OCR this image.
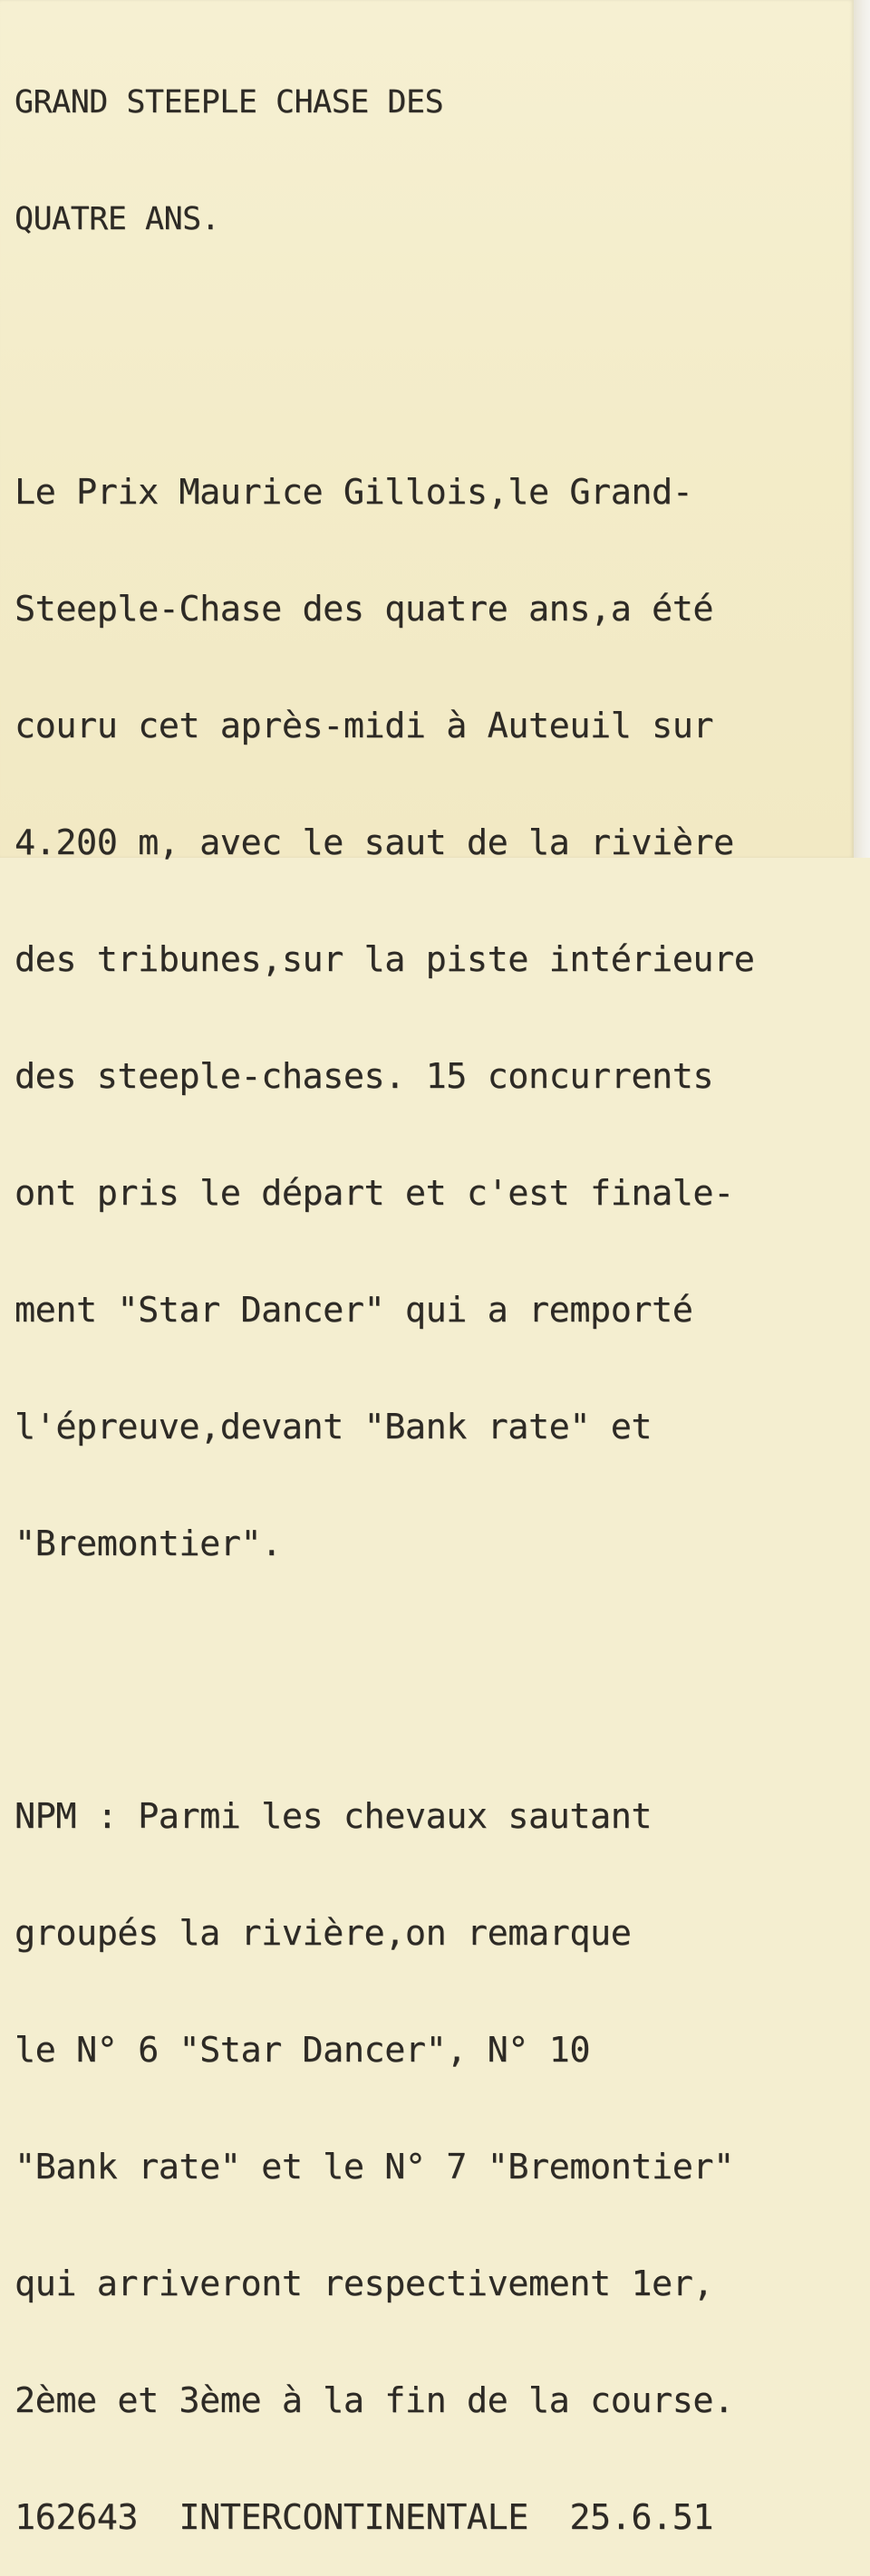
GRAND STEEPLE CHASE DES

QUATRE ANS.

Le Prix Maurice Gillois,le Grand-

Steeple-Chase des quatre ans,a été

couru cet après-midi à Auteuil sur

4.200 m, avec le saut de la rivière

des tribunes,sur la piste intérieure

des steeple-chases. 15 concurrents

ont pris le départ et c'est finale-

ment "Star Dancer" qui a remporté

l'épreuve,devant "Bank rate" et

"Bremontier".

NPM : Parmi les chevaux sautant

groupés la rivière,on remarque

le N° 6 "Star Dancer", N° 10

"Bank rate" et le N° 7 "Bremontier"

qui arriveront respectivement 1er,

2ème et 3ème à la fin de la course.

162643  INTERCONTINENTALE  25.6.51
